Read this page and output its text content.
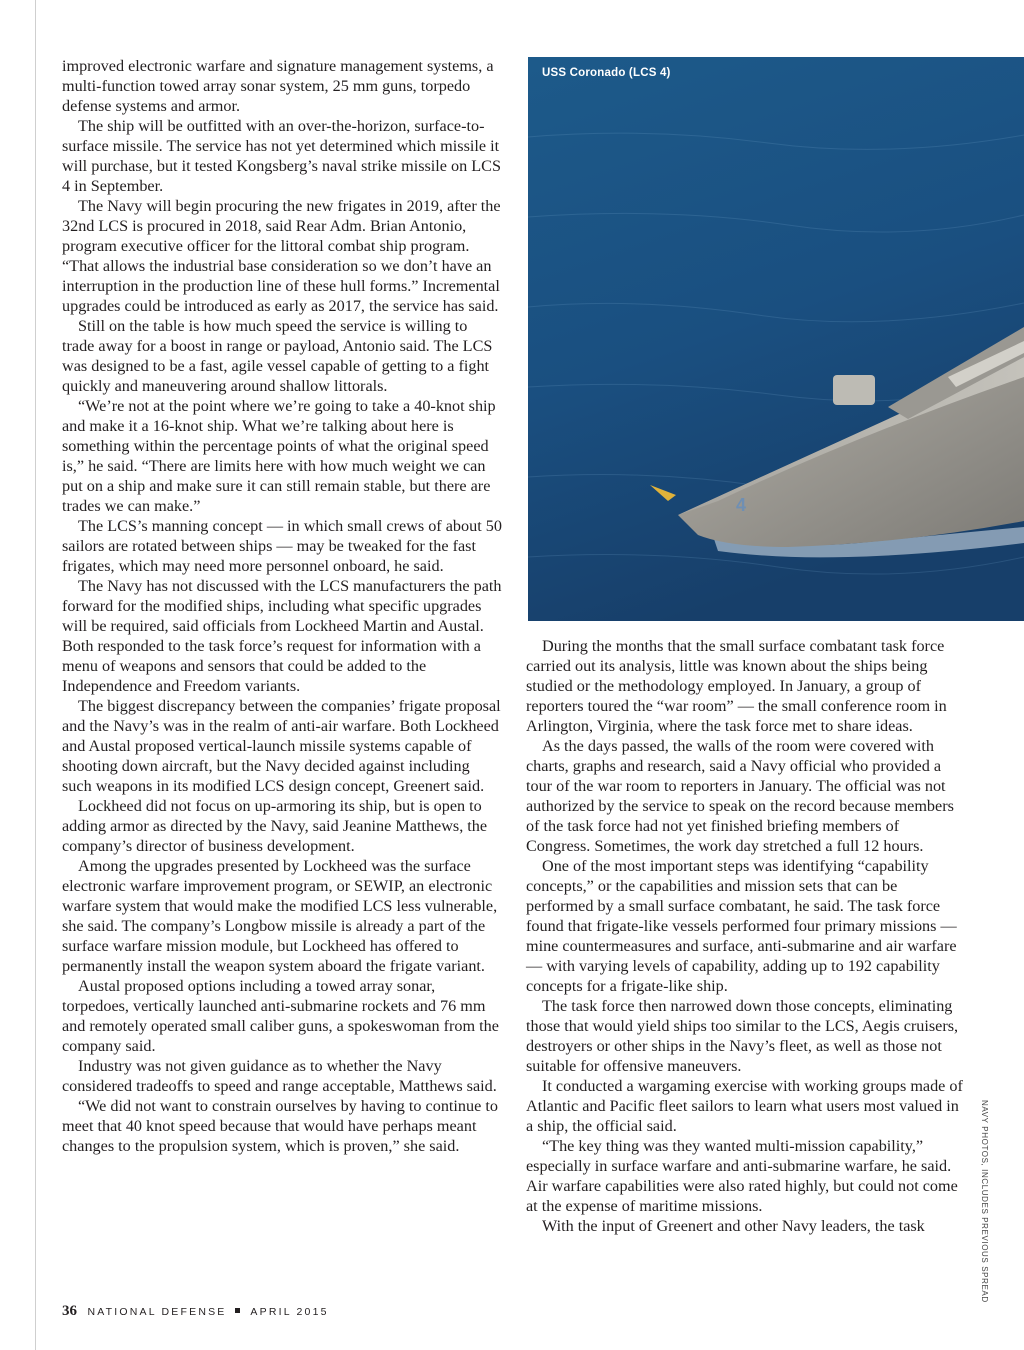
improved electronic warfare and signature management systems, a multi-function towed array sonar system, 25 mm guns, torpedo defense systems and armor.

The ship will be outfitted with an over-the-horizon, surface-to-surface missile. The service has not yet determined which missile it will purchase, but it tested Kongsberg’s naval strike missile on LCS 4 in September.

The Navy will begin procuring the new frigates in 2019, after the 32nd LCS is procured in 2018, said Rear Adm. Brian Antonio, program executive officer for the littoral combat ship program. “That allows the industrial base consideration so we don’t have an interruption in the production line of these hull forms.” Incremental upgrades could be introduced as early as 2017, the service has said.

Still on the table is how much speed the service is willing to trade away for a boost in range or payload, Antonio said. The LCS was designed to be a fast, agile vessel capable of getting to a fight quickly and maneuvering around shallow littorals.

“We’re not at the point where we’re going to take a 40-knot ship and make it a 16-knot ship. What we’re talking about here is something within the percentage points of what the original speed is,” he said. “There are limits here with how much weight we can put on a ship and make sure it can still remain stable, but there are trades we can make.”

The LCS’s manning concept — in which small crews of about 50 sailors are rotated between ships — may be tweaked for the fast frigates, which may need more personnel onboard, he said.

The Navy has not discussed with the LCS manufacturers the path forward for the modified ships, including what specific upgrades will be required, said officials from Lockheed Martin and Austal. Both responded to the task force’s request for information with a menu of weapons and sensors that could be added to the Independence and Freedom variants.

The biggest discrepancy between the companies’ frigate proposal and the Navy’s was in the realm of anti-air warfare. Both Lockheed and Austal proposed vertical-launch missile systems capable of shooting down aircraft, but the Navy decided against including such weapons in its modified LCS design concept, Greenert said.

Lockheed did not focus on up-armoring its ship, but is open to adding armor as directed by the Navy, said Jeanine Matthews, the company’s director of business development.

Among the upgrades presented by Lockheed was the surface electronic warfare improvement program, or SEWIP, an electronic warfare system that would make the modified LCS less vulnerable, she said. The company’s Longbow missile is already a part of the surface warfare mission module, but Lockheed has offered to permanently install the weapon system aboard the frigate variant.

Austal proposed options including a towed array sonar, torpedoes, vertically launched anti-submarine rockets and 76 mm and remotely operated small caliber guns, a spokeswoman from the company said.

Industry was not given guidance as to whether the Navy considered tradeoffs to speed and range acceptable, Matthews said.

“We did not want to constrain ourselves by having to continue to meet that 40 knot speed because that would have perhaps meant changes to the propulsion system, which is proven,” she said.

4
USS Coronado (LCS 4)

During the months that the small surface combatant task force carried out its analysis, little was known about the ships being studied or the methodology employed. In January, a group of reporters toured the “war room” — the small conference room in Arlington, Virginia, where the task force met to share ideas.

As the days passed, the walls of the room were covered with charts, graphs and research, said a Navy official who provided a tour of the war room to reporters in January. The official was not authorized by the service to speak on the record because members of the task force had not yet finished briefing members of Congress. Sometimes, the work day stretched a full 12 hours.

One of the most important steps was identifying “capability concepts,” or the capabilities and mission sets that can be performed by a small surface combatant, he said. The task force found that frigate-like vessels performed four primary missions — mine countermeasures and surface, anti-submarine and air warfare — with varying levels of capability, adding up to 192 capability concepts for a frigate-like ship.

The task force then narrowed down those concepts, eliminating those that would yield ships too similar to the LCS, Aegis cruisers, destroyers or other ships in the Navy’s fleet, as well as those not suitable for offensive maneuvers.

It conducted a wargaming exercise with working groups made of Atlantic and Pacific fleet sailors to learn what users most valued in a ship, the official said.

“The key thing was they wanted multi-mission capability,” especially in surface warfare and anti-submarine warfare, he said. Air warfare capabilities were also rated highly, but could not come at the expense of maritime missions.

With the input of Greenert and other Navy leaders, the task	NAVY PHOTOS, INCLUDES PREVIOUS SPREAD
36 NATIONAL DEFENSE APRIL 2015
